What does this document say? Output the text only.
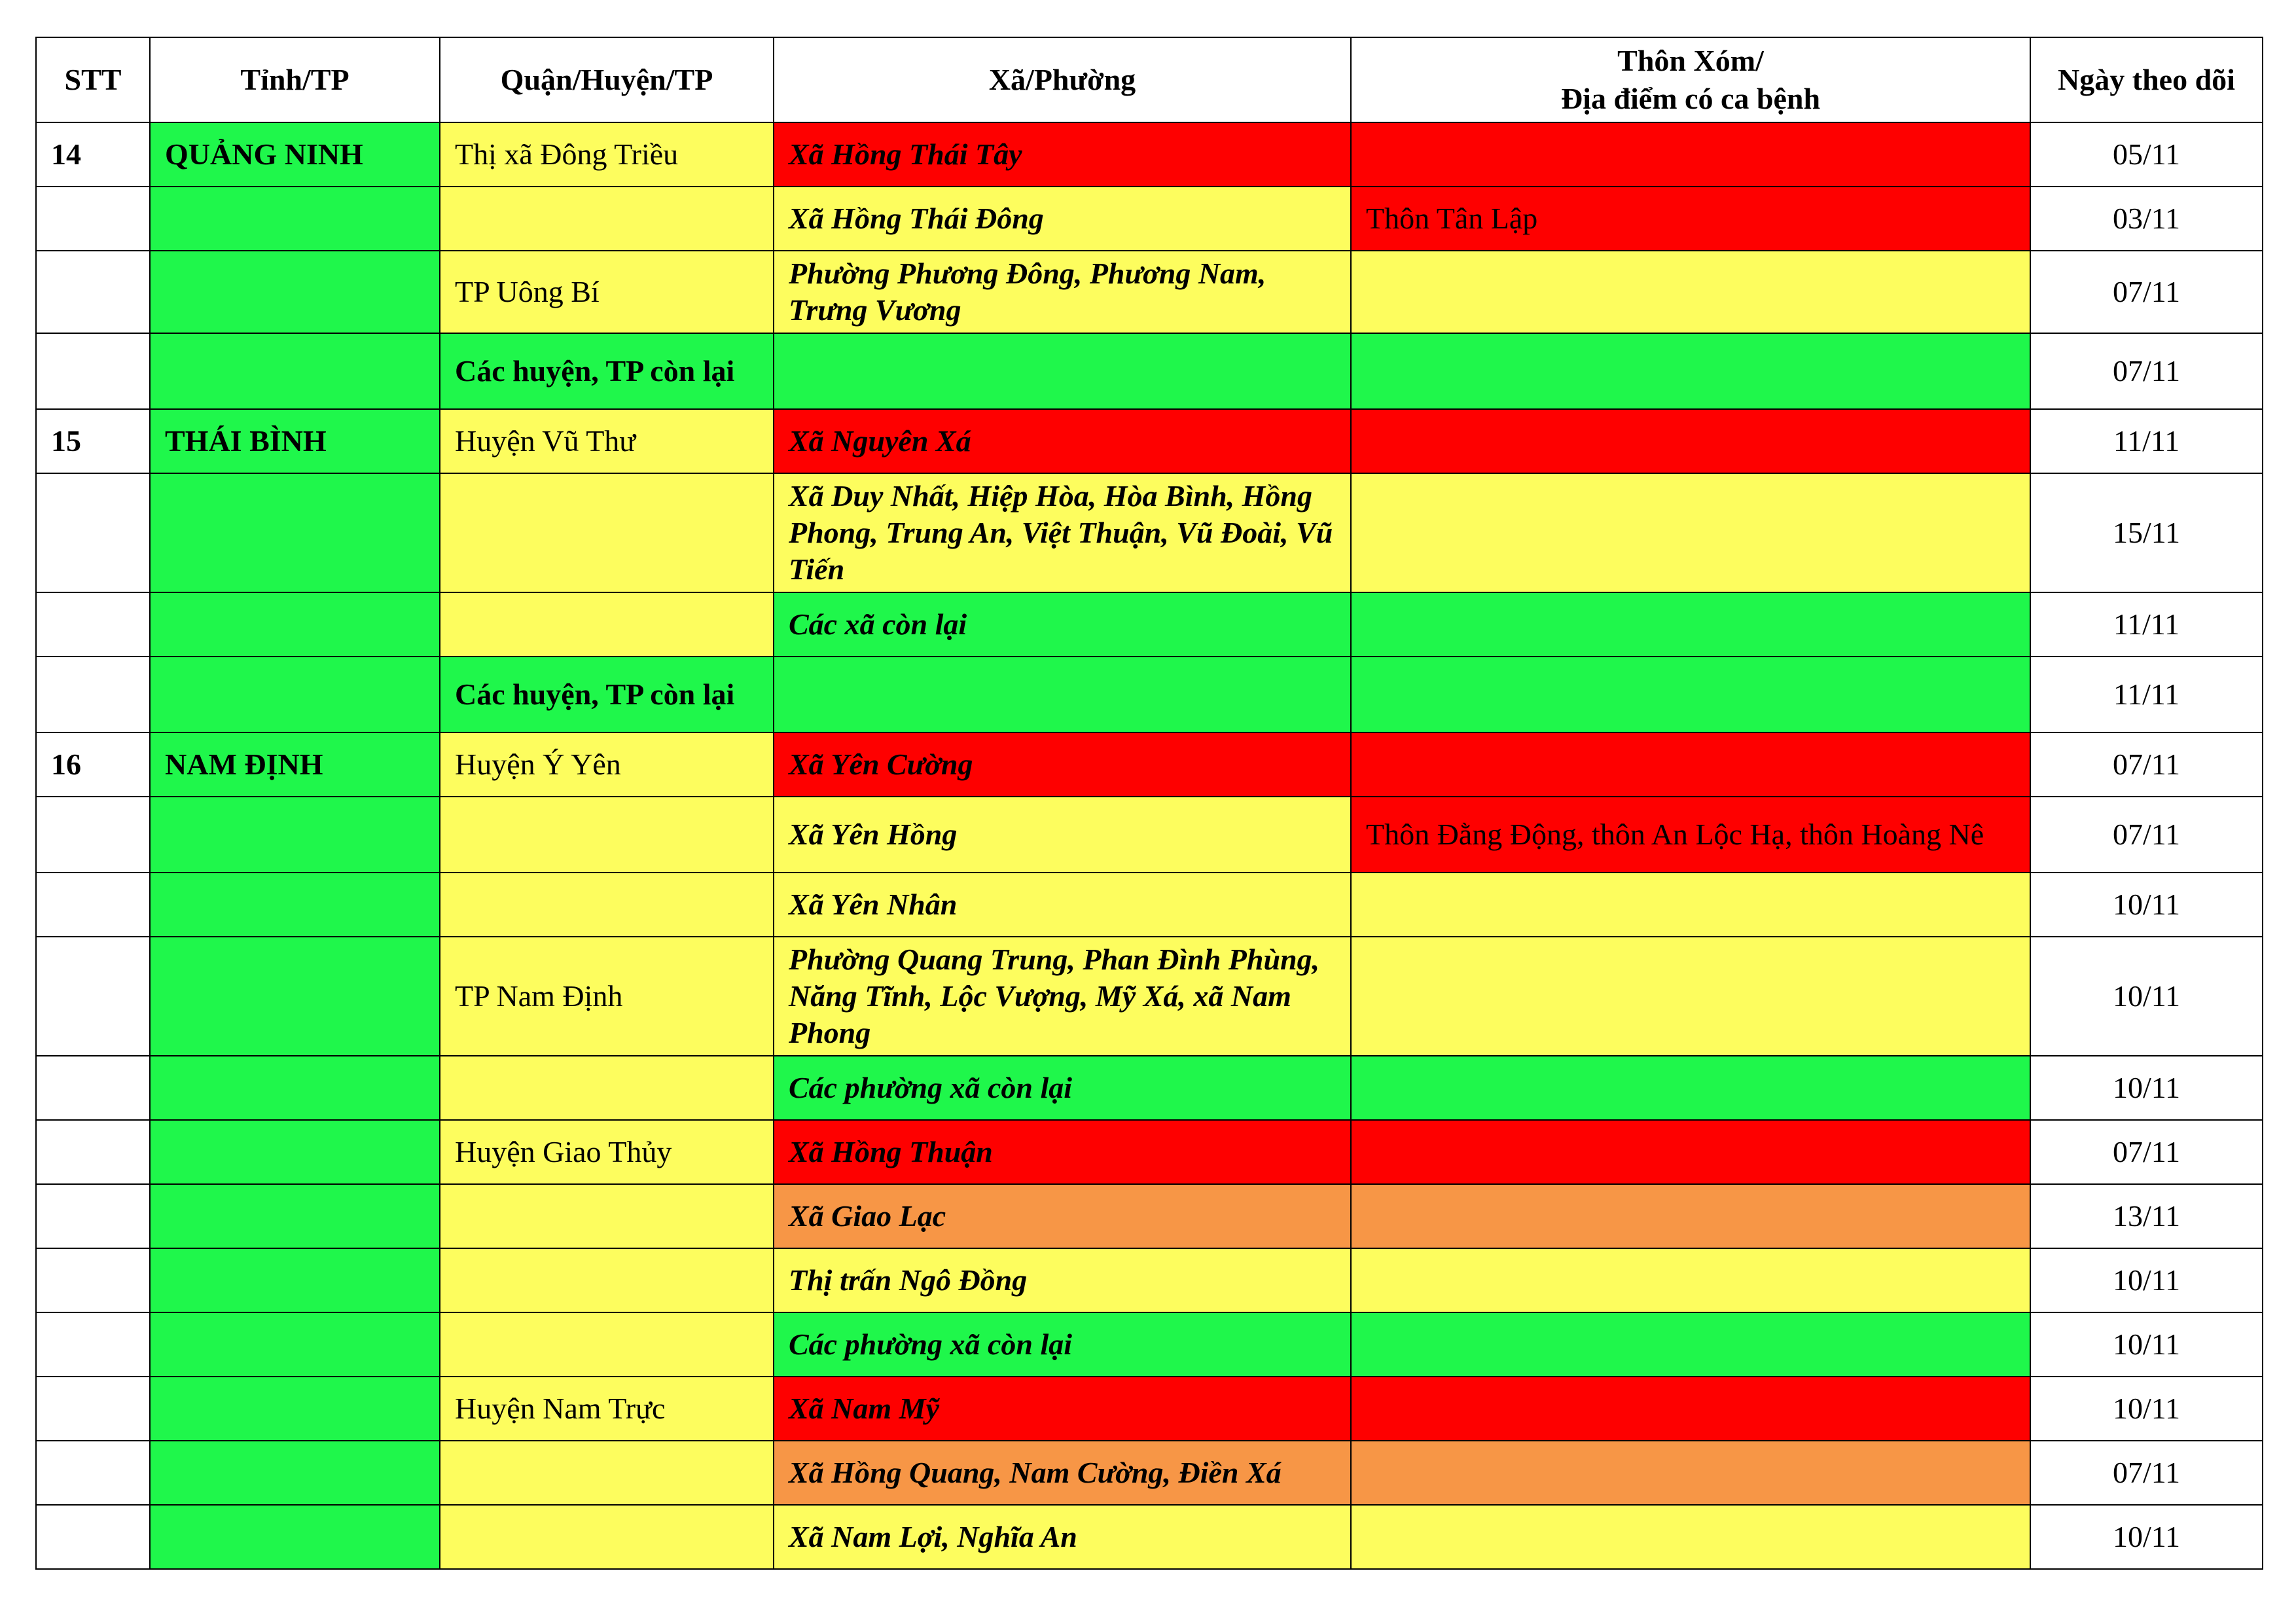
STT	Tỉnh/TP	Quận/Huyện/TP	Xã/Phường	Thôn Xóm/
Địa điểm có ca bệnh	Ngày theo dõi
14	QUẢNG NINH	Thị xã Đông Triều	Xã Hồng Thái Tây		05/11
			Xã Hồng Thái Đông	Thôn Tân Lập	03/11
		TP Uông Bí	Phường Phương Đông, Phương Nam, Trưng Vương		07/11
		Các huyện, TP còn lại			07/11
15	THÁI BÌNH	Huyện Vũ Thư	Xã Nguyên Xá		11/11
			Xã Duy Nhất, Hiệp Hòa, Hòa Bình, Hồng Phong, Trung An, Việt Thuận, Vũ Đoài, Vũ Tiến		15/11
			Các xã còn lại		11/11
		Các huyện, TP còn lại			11/11
16	NAM ĐỊNH	Huyện Ý Yên	Xã Yên Cường		07/11
			Xã Yên Hồng	Thôn Đằng Động, thôn An Lộc Hạ, thôn Hoàng Nê	07/11
			Xã Yên Nhân		10/11
		TP Nam Định	Phường Quang Trung, Phan Đình Phùng, Năng Tĩnh, Lộc Vượng, Mỹ Xá, xã Nam Phong		10/11
			Các phường xã còn lại		10/11
		Huyện Giao Thủy	Xã Hồng Thuận		07/11
			Xã Giao Lạc		13/11
			Thị trấn Ngô Đồng		10/11
			Các phường xã còn lại		10/11
		Huyện Nam Trực	Xã Nam Mỹ		10/11
			Xã Hồng Quang, Nam Cường, Điền Xá		07/11
			Xã Nam Lợi, Nghĩa An		10/11
